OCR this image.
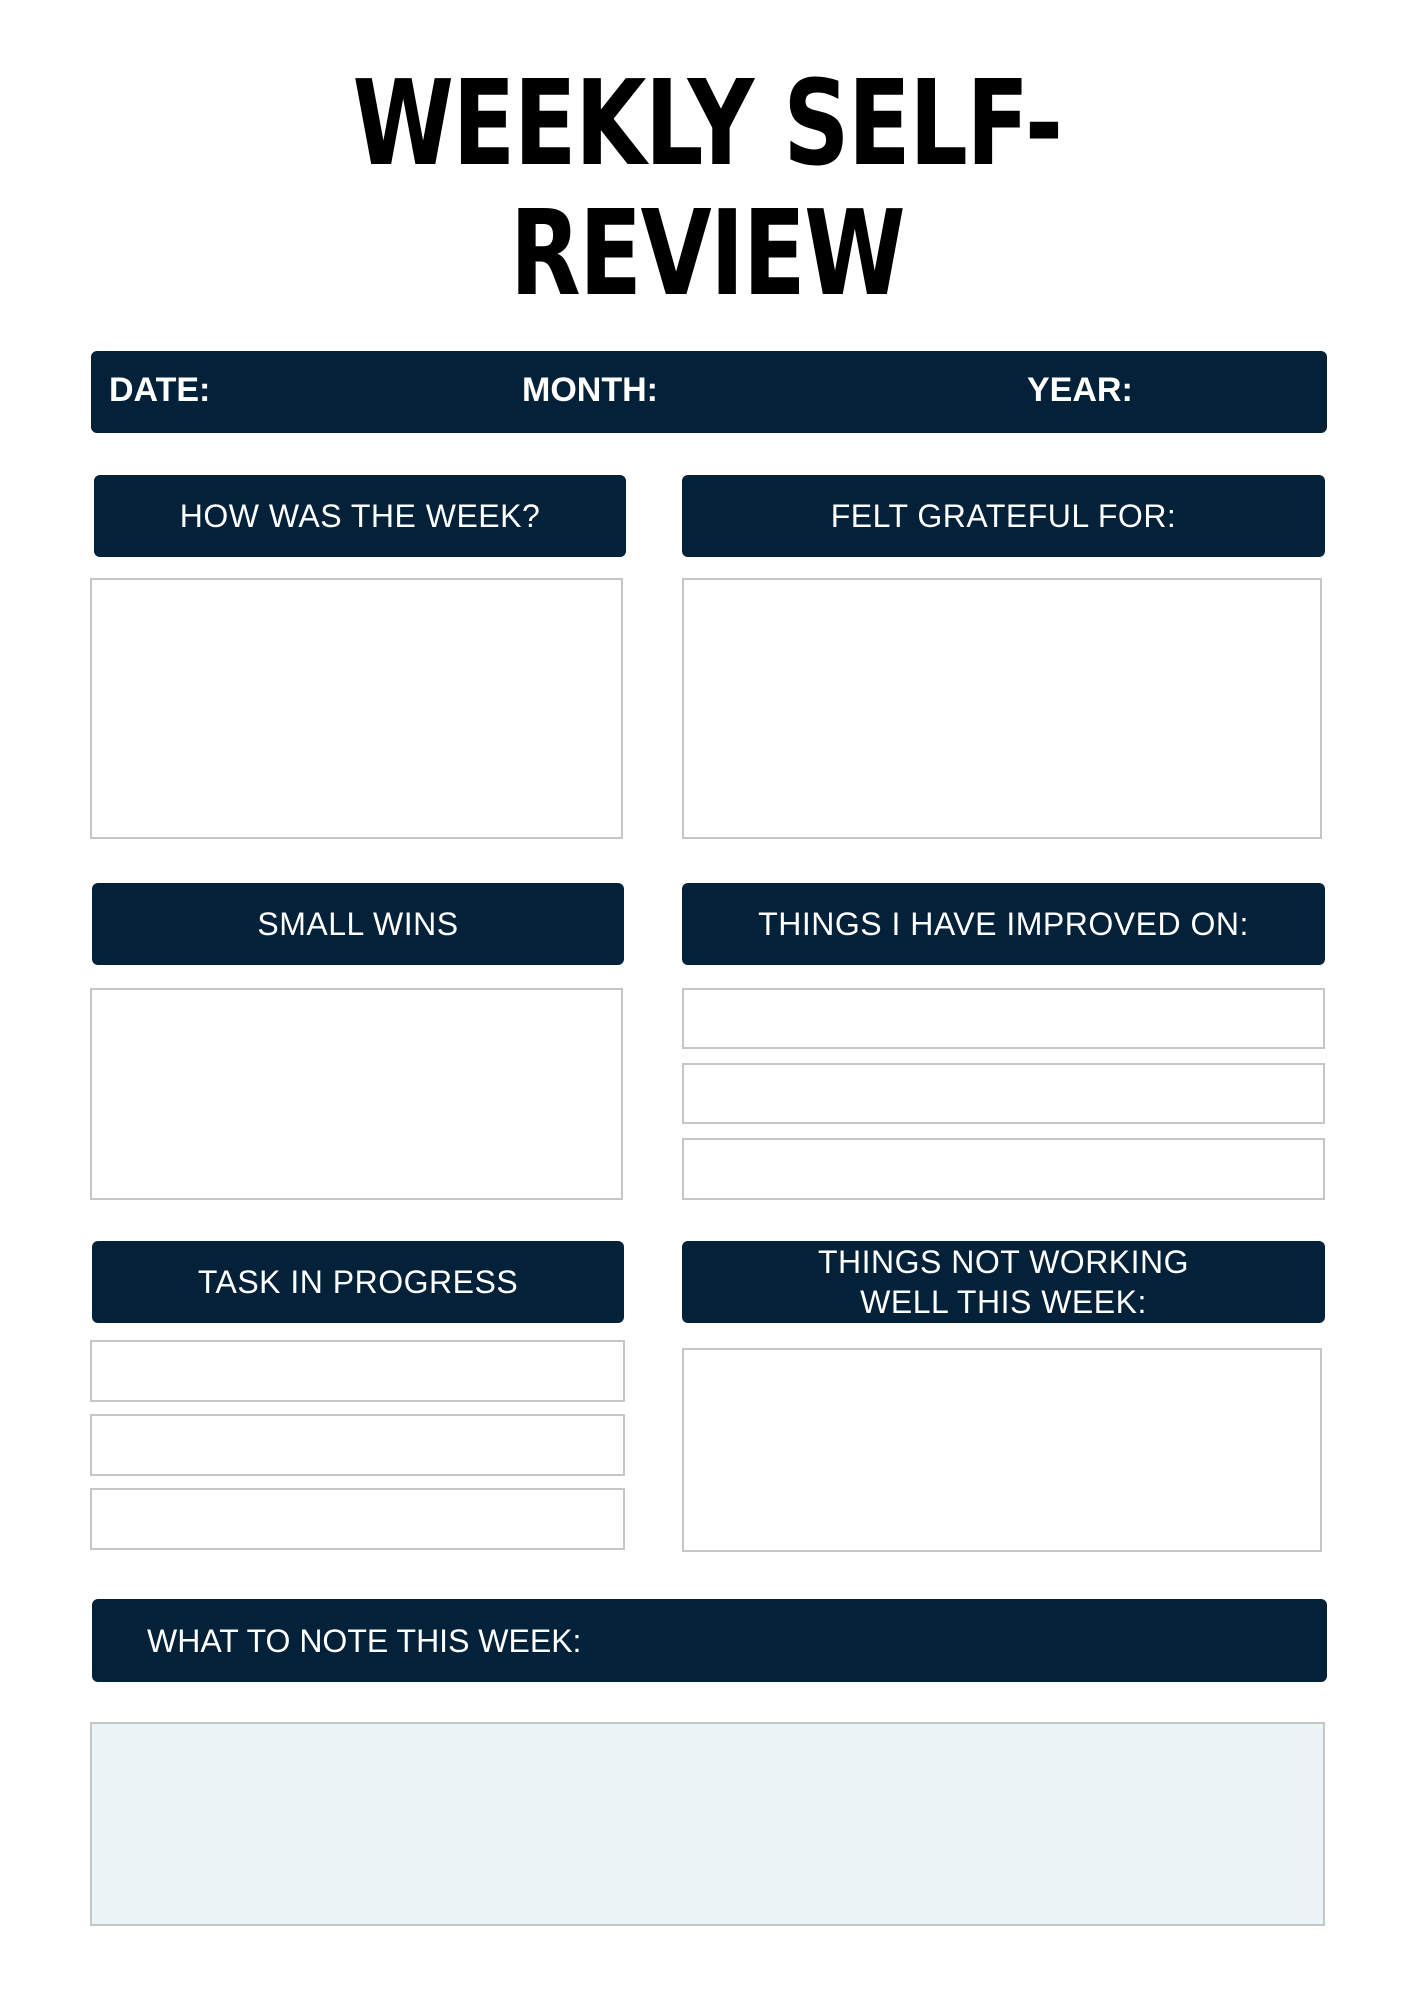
WEEKLY SELF-REVIEW
DATE:	MONTH:	YEAR:
HOW WAS THE WEEK?	FELT GRATEFUL FOR:
SMALL WINS	THINGS I HAVE IMPROVED ON:
TASK IN PROGRESS
THINGS NOT WORKING
WELL THIS WEEK:
WHAT TO NOTE THIS WEEK:
